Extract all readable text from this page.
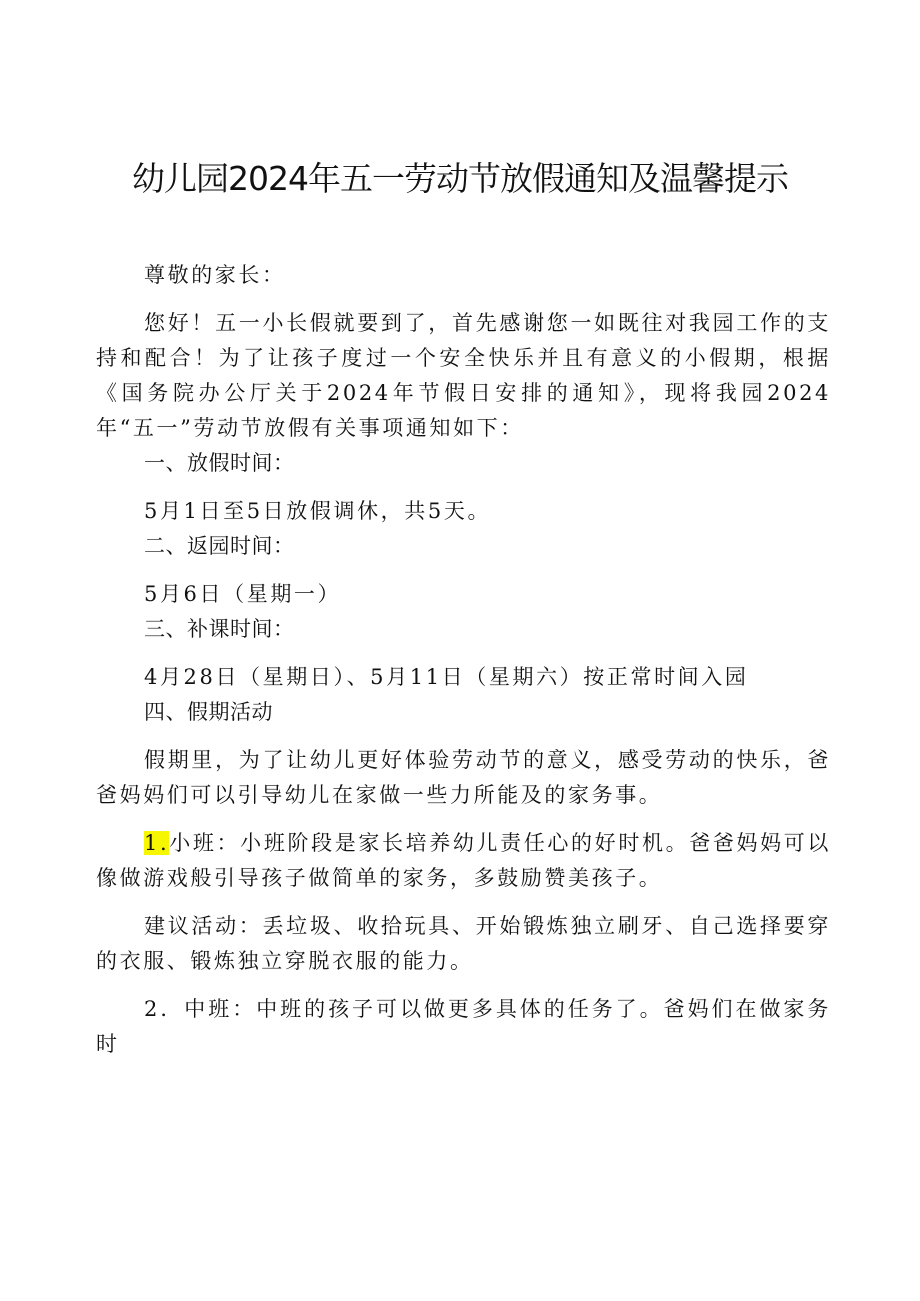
幼儿园2024年五一劳动节放假通知及温馨提示

尊敬的家长：

您好！五一小长假就要到了，首先感谢您一如既往对我园工作的支持和配合！为了让孩子度过一个安全快乐并且有意义的小假期，根据《国务院办公厅关于2024年节假日安排的通知》，现将我园2024年“五一”劳动节放假有关事项通知如下：

一、放假时间：

5月1日至5日放假调休，共5天。

二、返园时间：

5月6日（星期一）

三、补课时间：

4月28日（星期日）、5月11日（星期六）按正常时间入园

四、假期活动

假期里，为了让幼儿更好体验劳动节的意义，感受劳动的快乐，爸爸妈妈们可以引导幼儿在家做一些力所能及的家务事。

1.小班：小班阶段是家长培养幼儿责任心的好时机。爸爸妈妈可以像做游戏般引导孩子做简单的家务，多鼓励赞美孩子。

建议活动：丢垃圾、收拾玩具、开始锻炼独立刷牙、自己选择要穿的衣服、锻炼独立穿脱衣服的能力。

2．中班：中班的孩子可以做更多具体的任务了。爸妈们在做家务时
